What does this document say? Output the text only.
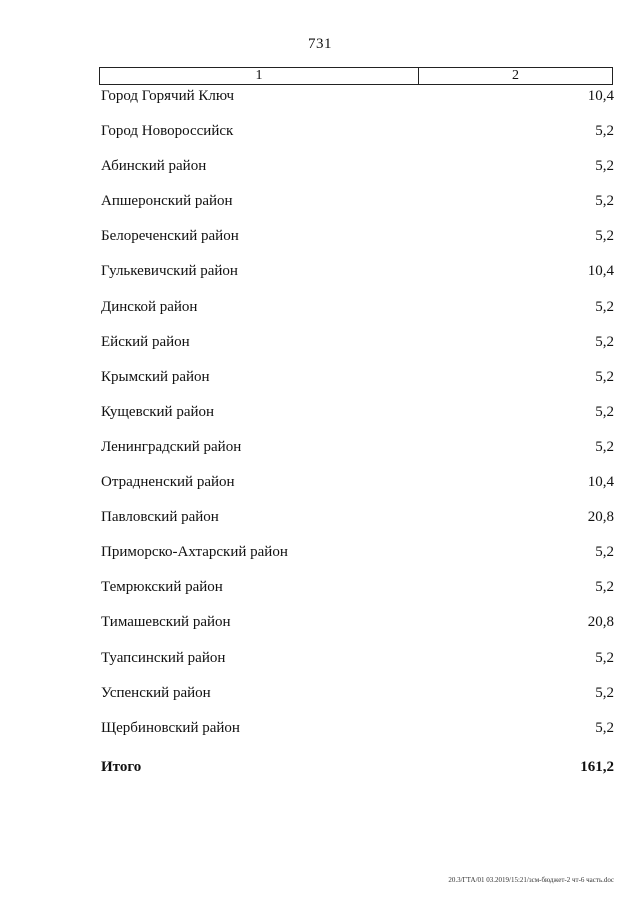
731
1	2
Город Горячий Ключ	10,4
Город Новороссийск	5,2
Абинский район	5,2
Апшеронский район	5,2
Белореченский район	5,2
Гулькевичский район	10,4
Динской район	5,2
Ейский район	5,2
Крымский район	5,2
Кущевский район	5,2
Ленинградский район	5,2
Отрадненский район	10,4
Павловский район	20,8
Приморско-Ахтарский район	5,2
Темрюкский район	5,2
Тимашевский район	20,8
Туапсинский район	5,2
Успенский район	5,2
Щербиновский район	5,2
Итого	161,2
20.3/ГТА/01 03.2019/15:21/зсм-бюджет-2 чт-6 часть.doc
